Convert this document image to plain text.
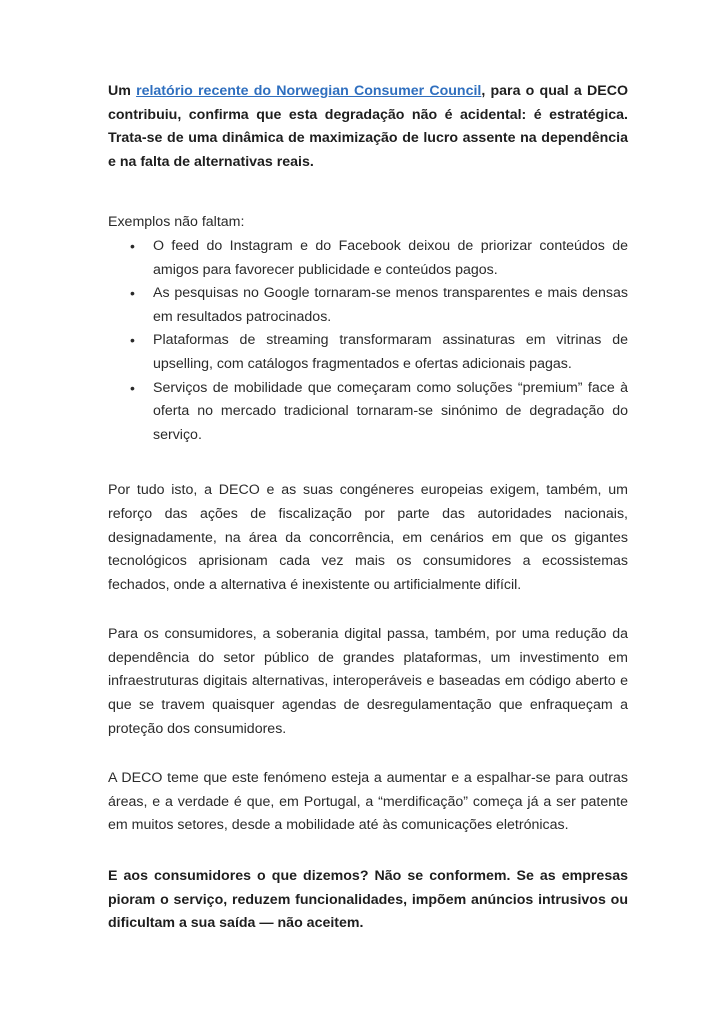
Um relatório recente do Norwegian Consumer Council, para o qual a DECO contribuiu, confirma que esta degradação não é acidental: é estratégica. Trata-se de uma dinâmica de maximização de lucro assente na dependência e na falta de alternativas reais.

Exemplos não faltam:

• O feed do Instagram e do Facebook deixou de priorizar conteúdos de amigos para favorecer publicidade e conteúdos pagos.
• As pesquisas no Google tornaram-se menos transparentes e mais densas em resultados patrocinados.
• Plataformas de streaming transformaram assinaturas em vitrinas de upselling, com catálogos fragmentados e ofertas adicionais pagas.
• Serviços de mobilidade que começaram como soluções “premium” face à oferta no mercado tradicional tornaram-se sinónimo de degradação do serviço.

Por tudo isto, a DECO e as suas congéneres europeias exigem, também, um reforço das ações de fiscalização por parte das autoridades nacionais, designadamente, na área da concorrência, em cenários em que os gigantes tecnológicos aprisionam cada vez mais os consumidores a ecossistemas fechados, onde a alternativa é inexistente ou artificialmente difícil.

Para os consumidores, a soberania digital passa, também, por uma redução da dependência do setor público de grandes plataformas, um investimento em infraestruturas digitais alternativas, interoperáveis e baseadas em código aberto e que se travem quaisquer agendas de desregulamentação que enfraqueçam a proteção dos consumidores.

A DECO teme que este fenómeno esteja a aumentar e a espalhar-se para outras áreas, e a verdade é que, em Portugal, a “merdificação” começa já a ser patente em muitos setores, desde a mobilidade até às comunicações eletrónicas.

E aos consumidores o que dizemos? Não se conformem. Se as empresas pioram o serviço, reduzem funcionalidades, impõem anúncios intrusivos ou dificultam a sua saída — não aceitem.
